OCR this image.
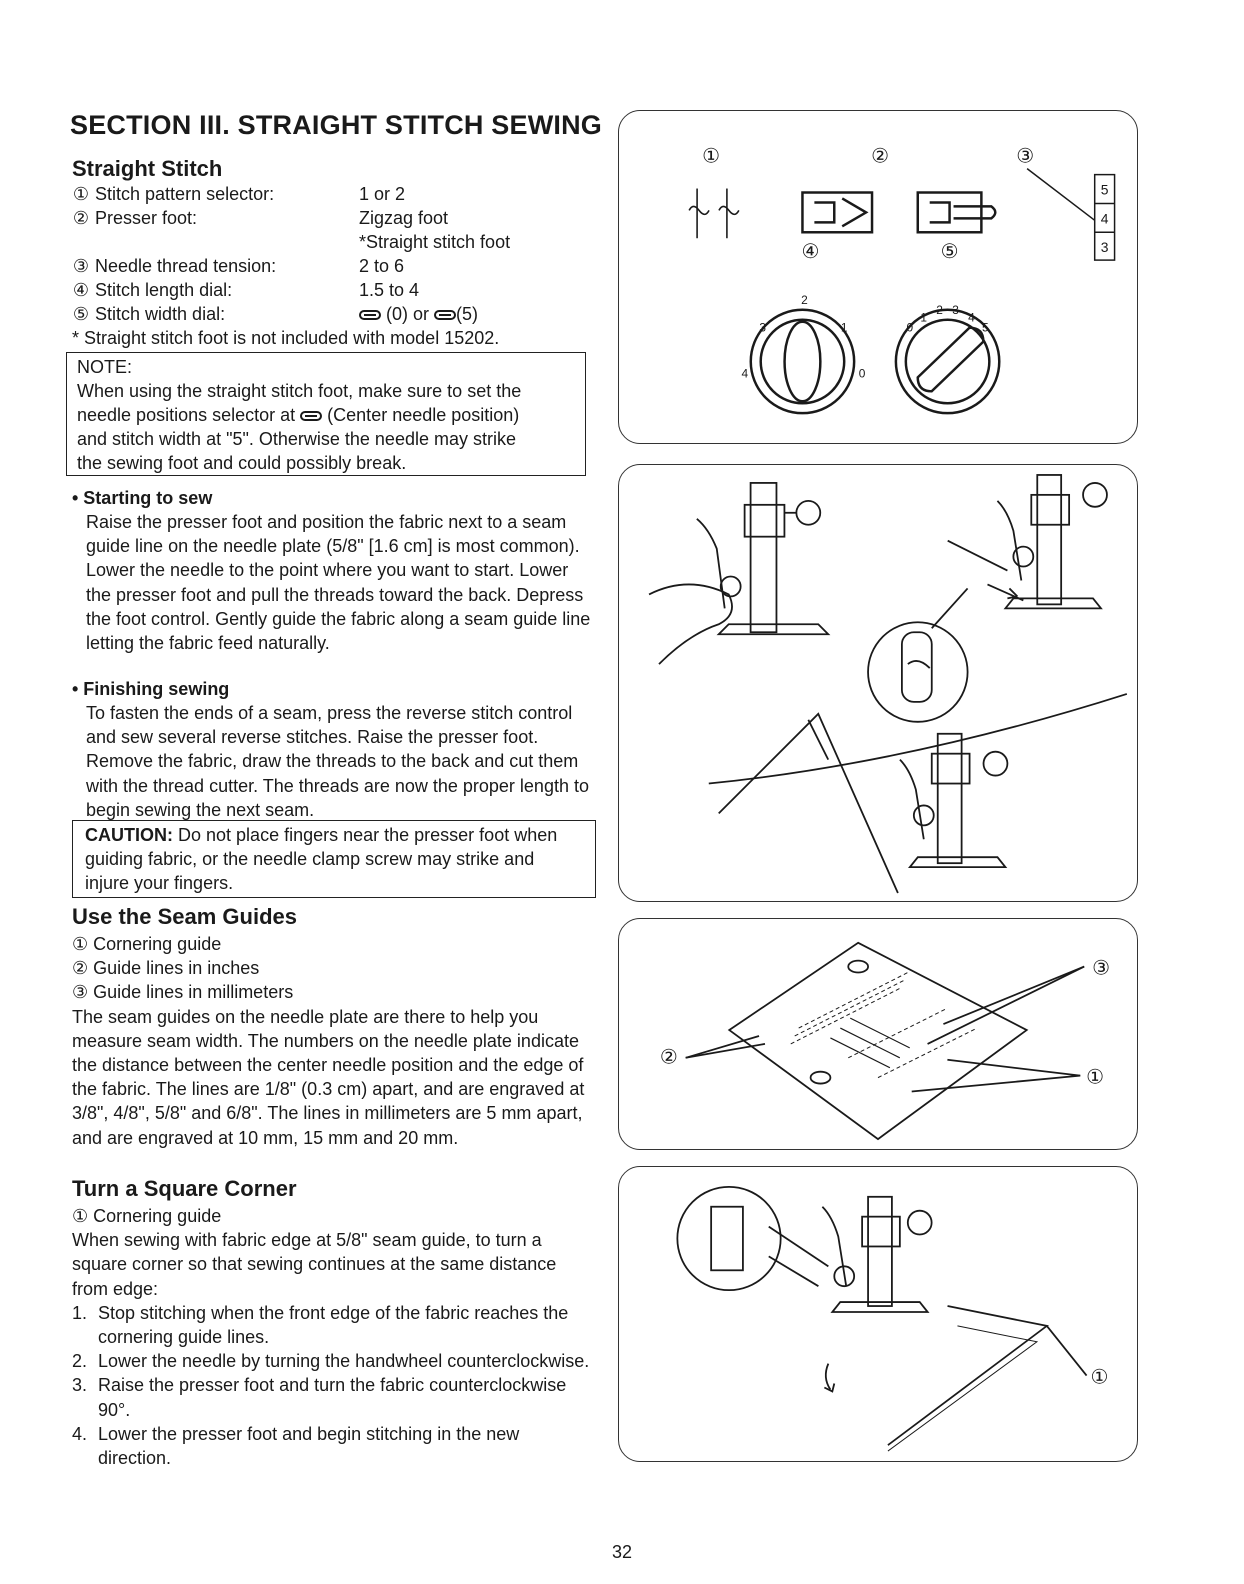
SECTION III. STRAIGHT STITCH SEWING
Straight Stitch
① Stitch pattern selector:	1 or 2
② Presser foot:	Zigzag foot
*Straight stitch foot
③ Needle thread tension:	2 to 6
④ Stitch length dial:	1.5 to 4
⑤ Stitch width dial:	(0) or (5)
* Straight stitch foot is not included with model 15202.
NOTE:
When using the straight stitch foot, make sure to set the
needle positions selector at (Center needle position)
and stitch width at "5". Otherwise the needle may strike
the sewing foot and could possibly break.
• Starting to sew
Raise the presser foot and position the fabric next to a seam guide line on the needle plate (5/8" [1.6 cm] is most common). Lower the needle to the point where you want to start. Lower the presser foot and pull the threads toward the back. Depress the foot control. Gently guide the fabric along a seam guide line letting the fabric feed naturally.
• Finishing sewing
To fasten the ends of a seam, press the reverse stitch control and sew several reverse stitches. Raise the presser foot. Remove the fabric, draw the threads to the back and cut them with the thread cutter. The threads are now the proper length to begin sewing the next seam.
CAUTION: Do not place fingers near the presser foot when guiding fabric, or the needle clamp screw may strike and injure your fingers.
Use the Seam Guides
① Cornering guide
② Guide lines in inches
③ Guide lines in millimeters
The seam guides on the needle plate are there to help you measure seam width. The numbers on the needle plate indicate the distance between the center needle position and the edge of the fabric. The lines are 1/8" (0.3 cm) apart, and are engraved at 3/8", 4/8", 5/8" and 6/8". The lines in millimeters are 5 mm apart, and are engraved at 10 mm, 15 mm and 20 mm.
Turn a Square Corner
① Cornering guide
When sewing with fabric edge at 5/8" seam guide, to turn a square corner so that sewing continues at the same distance from edge:
1. Stop stitching when the front edge of the fabric reaches the cornering guide lines.
2. Lower the needle by turning the handwheel counterclockwise.
3. Raise the presser foot and turn the fabric counterclockwise 90°.
4. Lower the presser foot and begin stitching in the new direction.
①	②	③
④	⑤
5
4
3
2
3	1
4	0
0
1
2 3
4
5
③
②
①
①
32
